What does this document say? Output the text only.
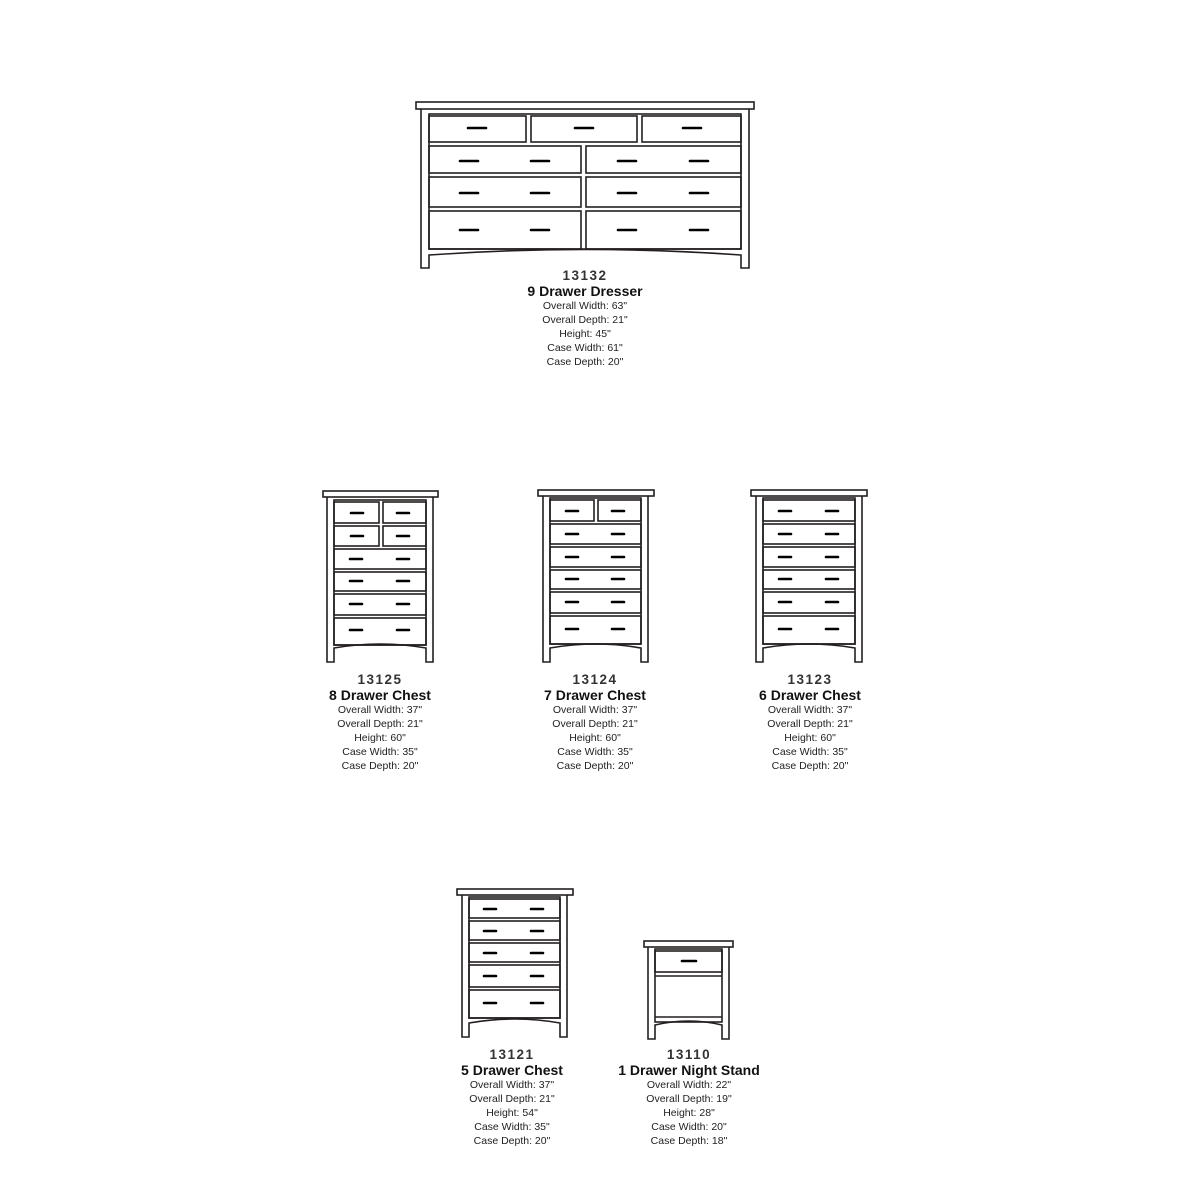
13132
9 Drawer Dresser
Overall Width: 63"
Overall Depth: 21"
Height: 45"
Case Width: 61"
Case Depth: 20"
13125
8 Drawer Chest
Overall Width: 37"
Overall Depth: 21"
Height: 60"
Case Width: 35"
Case Depth: 20"
13124
7 Drawer Chest
Overall Width: 37"
Overall Depth: 21"
Height: 60"
Case Width: 35"
Case Depth: 20"
13123
6 Drawer Chest
Overall Width: 37"
Overall Depth: 21"
Height: 60"
Case Width: 35"
Case Depth: 20"
13121
5 Drawer Chest
Overall Width: 37"
Overall Depth: 21"
Height: 54"
Case Width: 35"
Case Depth: 20"
13110
1 Drawer Night Stand
Overall Width: 22"
Overall Depth: 19"
Height: 28"
Case Width: 20"
Case Depth: 18"
